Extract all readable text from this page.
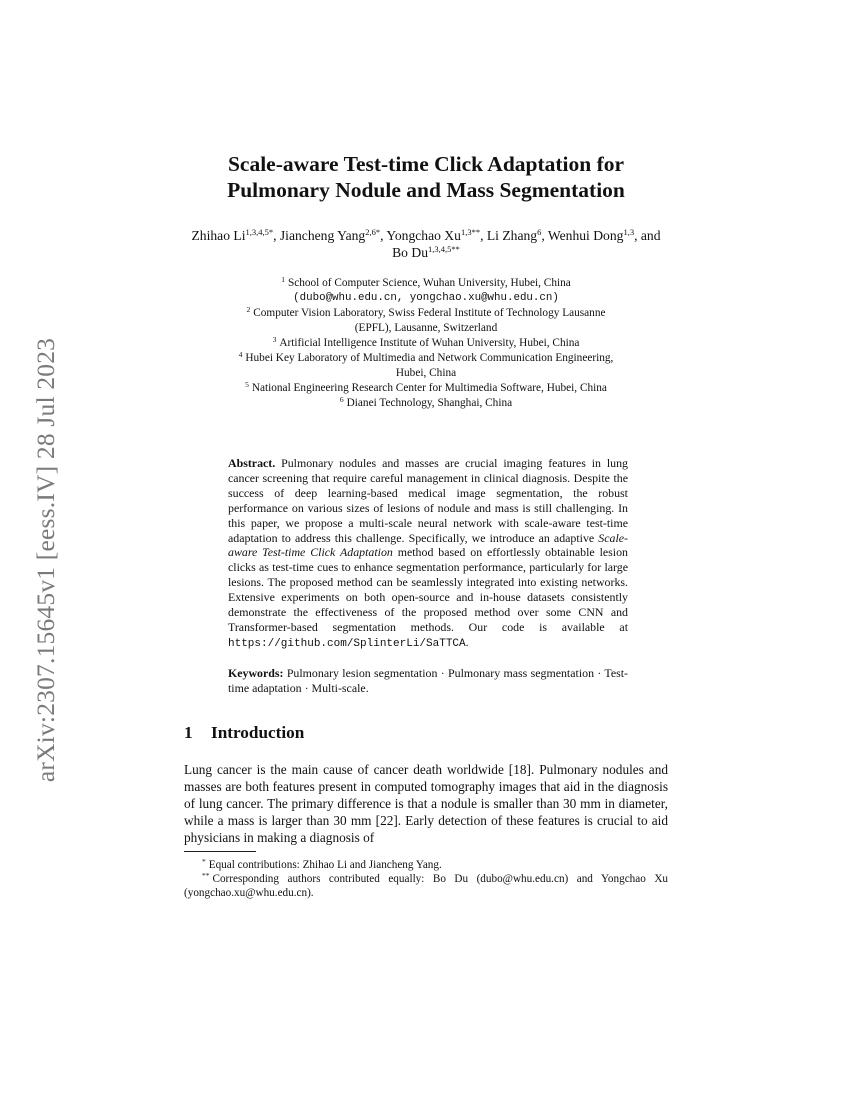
arXiv:2307.15645v1 [eess.IV] 28 Jul 2023
Scale-aware Test-time Click Adaptation for
Pulmonary Nodule and Mass Segmentation
Zhihao $Li^{1,3,4,5*}$, Jiancheng Yang$^{2,6*}$, Yongchao $Xu^{1,3**}$, Li Zhang$^6$, Wenhui Dong$^{1,3}$, and Bo $Du^{1,3,4,5**}$
$^1$ School of Computer Science, Wuhan University, Hubei, China
(dubo@whu.edu.cn, yongchao.xu@whu.edu.cn)
$^2$ Computer Vision Laboratory, Swiss Federal Institute of Technology Lausanne
(EPFL), Lausanne, Switzerland
$^3$ Artificial Intelligence Institute of Wuhan University, Hubei, China
$^4$ Hubei Key Laboratory of Multimedia and Network Communication Engineering,
Hubei, China
$^5$ National Engineering Research Center for Multimedia Software, Hubei, China
$^6$ Dianei Technology, Shanghai, China
Abstract. Pulmonary nodules and masses are crucial imaging features in lung cancer screening that require careful management in clinical diagnosis. Despite the success of deep learning-based medical image segmentation, the robust performance on various sizes of lesions of nodule and mass is still challenging. In this paper, we propose a multi-scale neural network with scale-aware test-time adaptation to address this challenge. Specifically, we introduce an adaptive Scale-aware Test-time Click Adaptation method based on effortlessly obtainable lesion clicks as test-time cues to enhance segmentation performance, particularly for large lesions. The proposed method can be seamlessly integrated into existing networks. Extensive experiments on both open-source and in-house datasets consistently demonstrate the effectiveness of the proposed method over some CNN and Transformer-based segmentation methods. Our code is available at https://github.com/SplinterLi/SaTTCA.
Keywords: Pulmonary lesion segmentation · Pulmonary mass segmentation · Test-time adaptation · Multi-scale.
1	Introduction
Lung cancer is the main cause of cancer death worldwide [18]. Pulmonary nodules and masses are both features present in computed tomography images that aid in the diagnosis of lung cancer. The primary difference is that a nodule is smaller than 30 mm in diameter, while a mass is larger than 30 mm [22]. Early detection of these features is crucial to aid physicians in making a diagnosis of

* Equal contributions: Zhihao Li and Jiancheng Yang.

** Corresponding authors contributed equally: Bo Du (dubo@whu.edu.cn) and Yongchao Xu (yongchao.xu@whu.edu.cn).
